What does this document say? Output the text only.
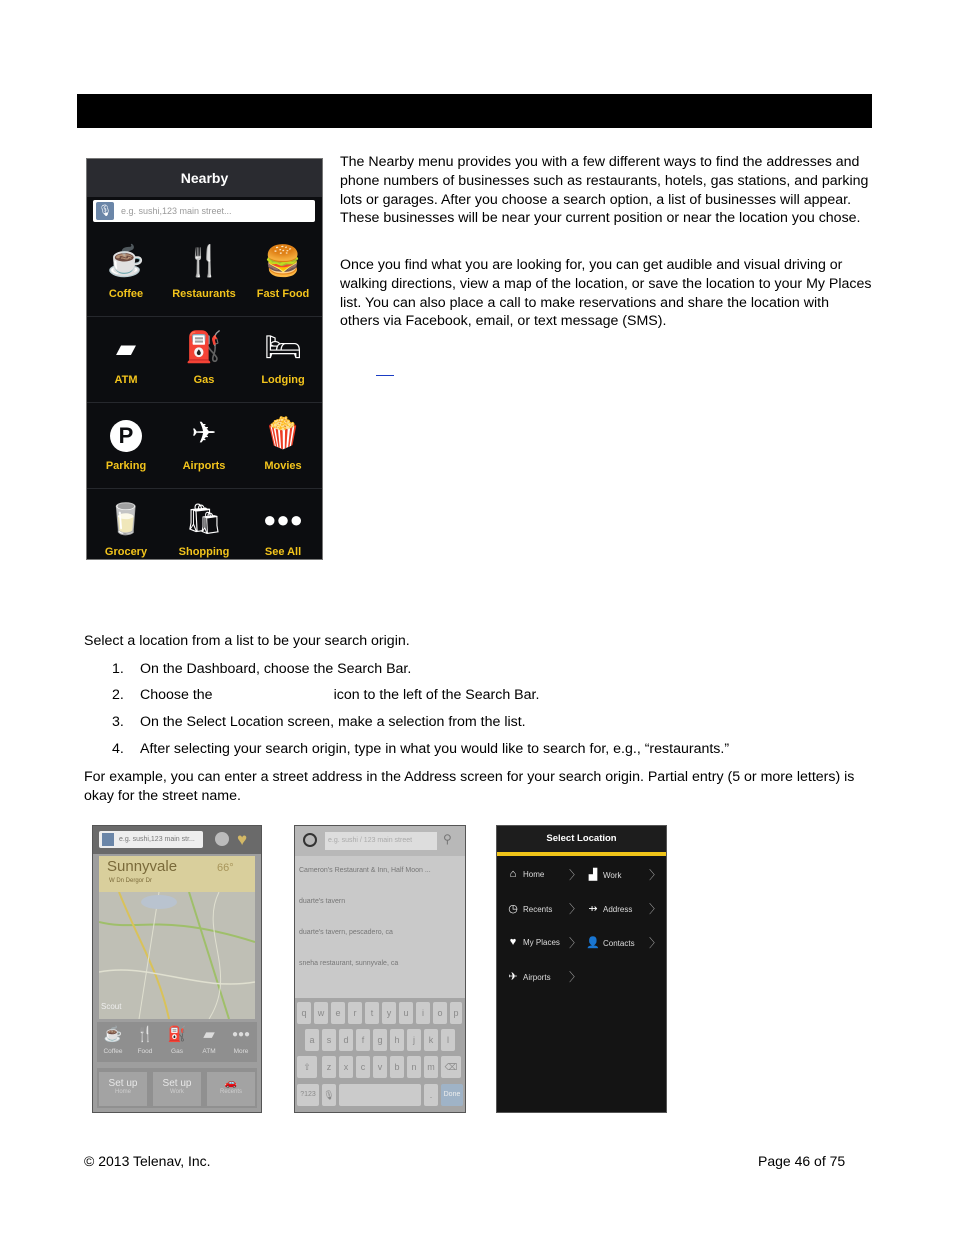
Nearby
🎙 e.g. sushi,123 main street...
☕
Coffee
🍴
Restaurants
🍔
Fast Food
▰
ATM
⛽
Gas
🛏
Lodging
P
Parking
✈
Airports
🍿
Movies
🥛
Grocery
🛍
Shopping
●●●
See All

The Nearby menu provides you with a few different ways to find the addresses and phone numbers of businesses such as restaurants, hotels, gas stations, and parking lots or garages. After you choose a search option, a list of businesses will appear. These businesses will be near your current position or near the location you chose.

Once you find what you are looking for, you can get audible and visual driving or walking directions, view a map of the location, or save the location to your My Places list. You can also place a call to make reservations and share the location with others via Facebook, email, or text message (SMS).

Select a location from a list to be your search origin.

1. On the Dashboard, choose the Search Bar.
2. Choose the	icon to the left of the Search Bar.
3. On the Select Location screen, make a selection from the list.
4. After selecting your search origin, type in what you would like to search for, e.g., “restaurants.”

For example, you can enter a street address in the Address screen for your search origin. Partial entry (5 or more letters) is okay for the street name.

e.g. sushi,123 main str...	♥
Sunnyvale
W Dn Dergor Dr
66°
Scout
☕
Coffee
🍴
Food
⛽
Gas
▰
ATM
●●●
More
Set up
Home
Set up
Work
🚗
Recents
e.g. sushi / 123 main street	⚲
Cameron's Restaurant & Inn, Half Moon ...
duarte's tavern
duarte's tavern, pescadero, ca
sneha restaurant, sunnyvale, ca
q	w	e	r	t	y	u	i	o	p
a	s	d	f	g	h	j	k	l
⇧	z	x	c	v	b	n	m	⌫
?123 🎙	.	Done
Select Location
⌂ Home 〉 ▟ Work 〉
◷ Recents 〉 ⇸ Address 〉
♥ My Places 〉 👤 Contacts 〉
✈ Airports 〉
© 2013 Telenav, Inc.	Page 46 of 75
